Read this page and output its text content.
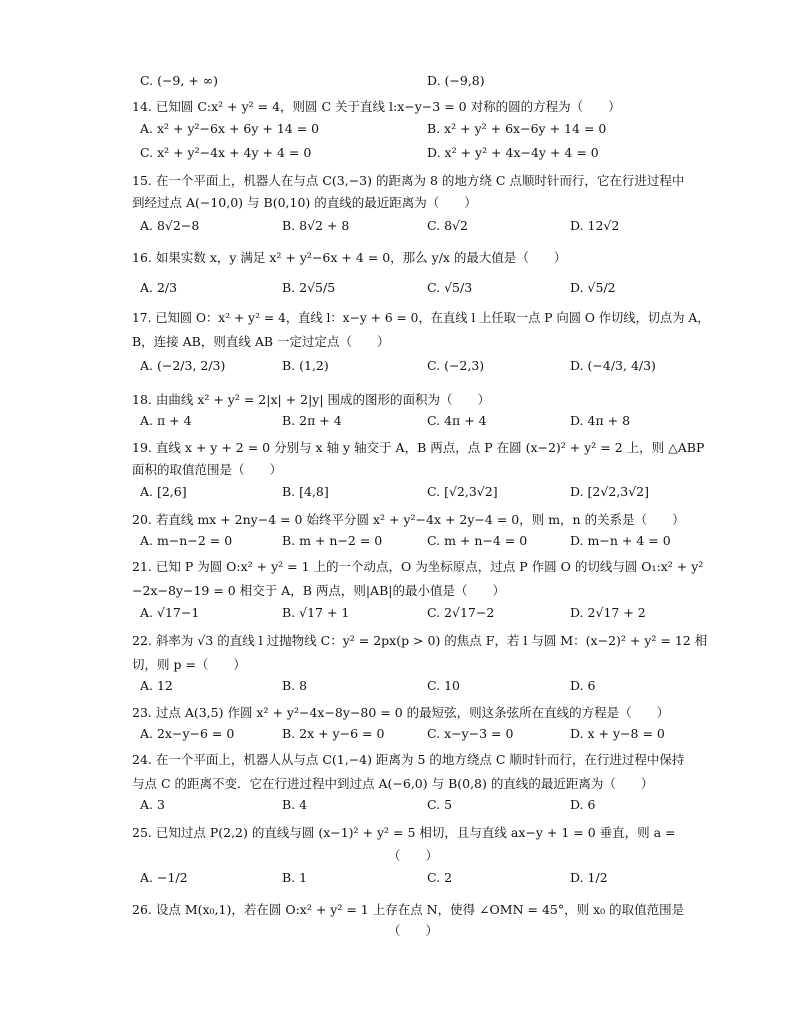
C. (−9, + ∞)	D. (−9,8)
14. 已知圆 C:x² + y² = 4，则圆 C 关于直线 l:x−y−3 = 0 对称的圆的方程为（　　）
A. x² + y²−6x + 6y + 14 = 0	B. x² + y² + 6x−6y + 14 = 0
C. x² + y²−4x + 4y + 4 = 0	D. x² + y² + 4x−4y + 4 = 0
15. 在一个平面上，机器人在与点 C(3,−3) 的距离为 8 的地方绕 C 点顺时针而行，它在行进过程中
到经过点 A(−10,0) 与 B(0,10) 的直线的最近距离为（　　）
A. 8√2−8	B. 8√2 + 8	C. 8√2	D. 12√2
16. 如果实数 x，y 满足 x² + y²−6x + 4 = 0，那么 y/x 的最大值是（　　）
A. 2/3	B. 2√5/5	C. √5/3	D. √5/2
17. 已知圆 O：x² + y² = 4，直线 l：x−y + 6 = 0，在直线 l 上任取一点 P 向圆 O 作切线，切点为 A，
B，连接 AB，则直线 AB 一定过定点（　　）
A. (−2/3, 2/3)	B. (1,2)	C. (−2,3)	D. (−4/3, 4/3)
18. 由曲线 x² + y² = 2|x| + 2|y| 围成的图形的面积为（　　）
A. π + 4	B. 2π + 4	C. 4π + 4	D. 4π + 8
19. 直线 x + y + 2 = 0 分别与 x 轴 y 轴交于 A，B 两点，点 P 在圆 (x−2)² + y² = 2 上，则 △ABP
面积的取值范围是（　　）
A. [2,6]	B. [4,8]	C. [√2,3√2]	D. [2√2,3√2]
20. 若直线 mx + 2ny−4 = 0 始终平分圆 x² + y²−4x + 2y−4 = 0，则 m，n 的关系是（　　）
A. m−n−2 = 0	B. m + n−2 = 0	C. m + n−4 = 0	D. m−n + 4 = 0
21. 已知 P 为圆 O:x² + y² = 1 上的一个动点，O 为坐标原点，过点 P 作圆 O 的切线与圆 O₁:x² + y²
−2x−8y−19 = 0 相交于 A，B 两点，则|AB|的最小值是（　　）
A. √17−1	B. √17 + 1	C. 2√17−2	D. 2√17 + 2
22. 斜率为 √3 的直线 l 过抛物线 C：y² = 2px(p > 0) 的焦点 F，若 l 与圆 M：(x−2)² + y² = 12 相
切，则 p =（　　）
A. 12	B. 8	C. 10	D. 6
23. 过点 A(3,5) 作圆 x² + y²−4x−8y−80 = 0 的最短弦，则这条弦所在直线的方程是（　　）
A. 2x−y−6 = 0	B. 2x + y−6 = 0	C. x−y−3 = 0	D. x + y−8 = 0
24. 在一个平面上，机器人从与点 C(1,−4) 距离为 5 的地方绕点 C 顺时针而行，在行进过程中保持
与点 C 的距离不变．它在行进过程中到过点 A(−6,0) 与 B(0,8) 的直线的最近距离为（　　）
A. 3	B. 4	C. 5	D. 6
25. 已知过点 P(2,2) 的直线与圆 (x−1)² + y² = 5 相切，且与直线 ax−y + 1 = 0 垂直，则 a =
（　　）
A. −1/2	B. 1	C. 2	D. 1/2
26. 设点 M(x₀,1)，若在圆 O:x² + y² = 1 上存在点 N，使得 ∠OMN = 45°，则 x₀ 的取值范围是
（　　）
